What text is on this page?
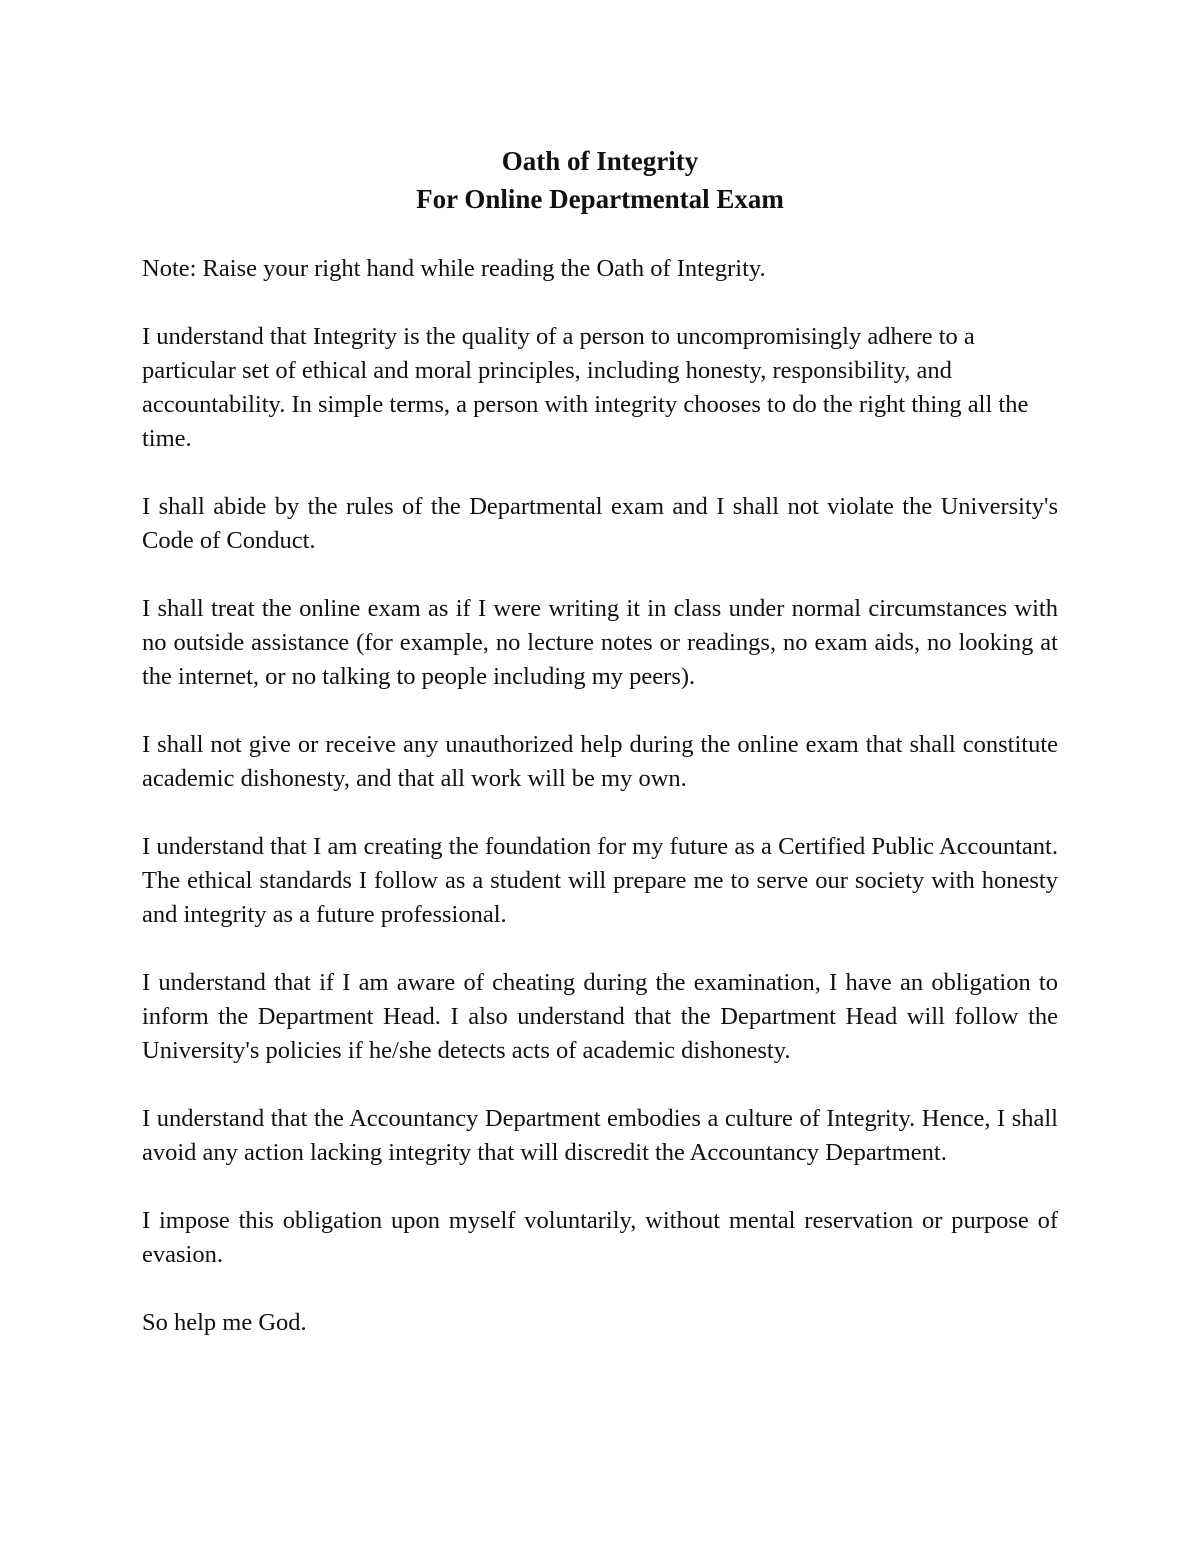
Oath of Integrity
For Online Departmental Exam

Note: Raise your right hand while reading the Oath of Integrity.

I understand that Integrity is the quality of a person to uncompromisingly adhere to a particular set of ethical and moral principles, including honesty, responsibility, and accountability. In simple terms, a person with integrity chooses to do the right thing all the time.

I shall abide by the rules of the Departmental exam and I shall not violate the University's Code of Conduct.

I shall treat the online exam as if I were writing it in class under normal circumstances with no outside assistance (for example, no lecture notes or readings, no exam aids, no looking at the internet, or no talking to people including my peers).

I shall not give or receive any unauthorized help during the online exam that shall constitute academic dishonesty, and that all work will be my own.

I understand that I am creating the foundation for my future as a Certified Public Accountant. The ethical standards I follow as a student will prepare me to serve our society with honesty and integrity as a future professional.

I understand that if I am aware of cheating during the examination, I have an obligation to inform the Department Head. I also understand that the Department Head will follow the University's policies if he/she detects acts of academic dishonesty.

I understand that the Accountancy Department embodies a culture of Integrity. Hence, I shall avoid any action lacking integrity that will discredit the Accountancy Department.

I impose this obligation upon myself voluntarily, without mental reservation or purpose of evasion.

So help me God.
